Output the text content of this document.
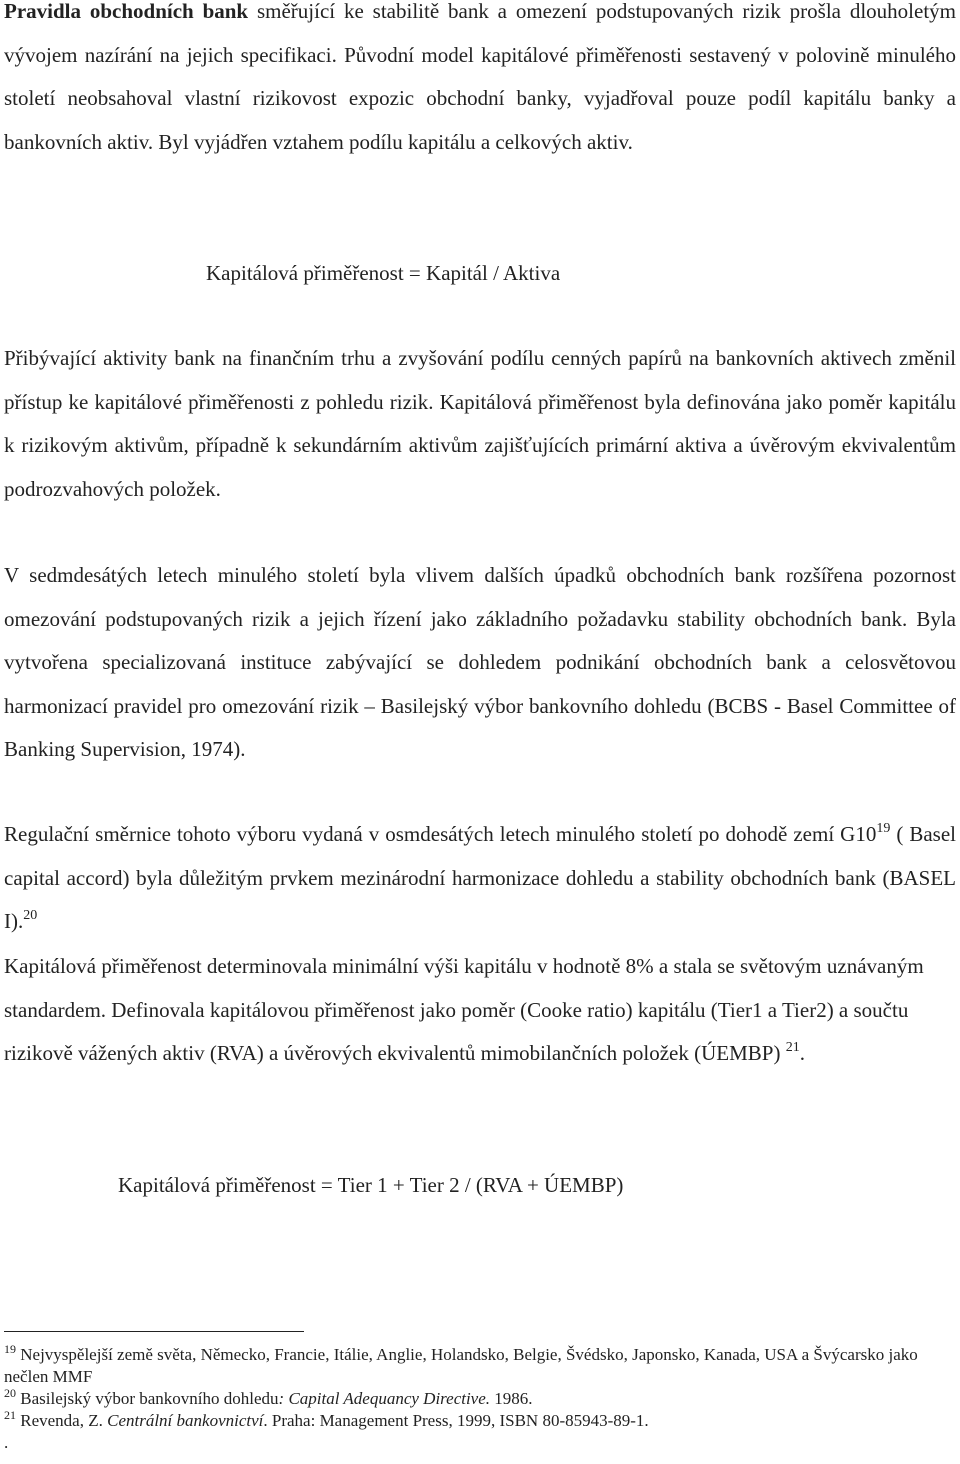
Pravidla obchodních bank směřující ke stabilitě bank a omezení podstupovaných rizik prošla dlouholetým vývojem nazírání na jejich specifikaci. Původní model kapitálové přiměřenosti sestavený v polovině minulého století neobsahoval vlastní rizikovost expozic obchodní banky, vyjadřoval pouze podíl kapitálu banky a bankovních aktiv. Byl vyjádřen vztahem podílu kapitálu a celkových aktiv.

Kapitálová přiměřenost = Kapitál / Aktiva

Přibývající aktivity bank na finančním trhu a zvyšování podílu cenných papírů na bankovních aktivech změnil přístup ke kapitálové přiměřenosti z pohledu rizik. Kapitálová přiměřenost byla definována jako poměr kapitálu k rizikovým aktivům, případně k sekundárním aktivům zajišťujících primární aktiva a úvěrovým ekvivalentům podrozvahových položek.

V sedmdesátých letech minulého století byla vlivem dalších úpadků obchodních bank rozšířena pozornost omezování podstupovaných rizik a jejich řízení jako základního požadavku stability obchodních bank. Byla vytvořena specializovaná instituce zabývající se dohledem podnikání obchodních bank a celosvětovou harmonizací pravidel pro omezování rizik – Basilejský výbor bankovního dohledu (BCBS - Basel Committee of Banking Supervision, 1974).

Regulační směrnice tohoto výboru vydaná v osmdesátých letech minulého století po dohodě zemí $G10^{19}$ ( Basel capital accord) byla důležitým prvkem mezinárodní harmonizace dohledu a stability obchodních bank (BASEL I).$^{20}$

Kapitálová přiměřenost determinovala minimální výši kapitálu v hodnotě 8% a stala se světovým uznávaným standardem. Definovala kapitálovou přiměřenost jako poměr (Cooke ratio) kapitálu (Tier1 a Tier2) a součtu rizikově vážených aktiv (RVA) a úvěrových ekvivalentů mimobilančních položek (ÚEMBP) $^{21}$.

Kapitálová přiměřenost = Tier 1 + Tier 2 / (RVA + ÚEMBP)
$^{19}$ Nejvyspělejší země světa, Německo, Francie, Itálie, Anglie, Holandsko, Belgie, Švédsko, Japonsko, Kanada, USA a Švýcarsko jako nečlen MMF
$^{20}$ Basilejský výbor bankovního dohledu: Capital Adequancy Directive. 1986.
$^{21}$ Revenda, Z. Centrální bankovnictví. Praha: Management Press, 1999, ISBN 80-85943-89-1.
.
